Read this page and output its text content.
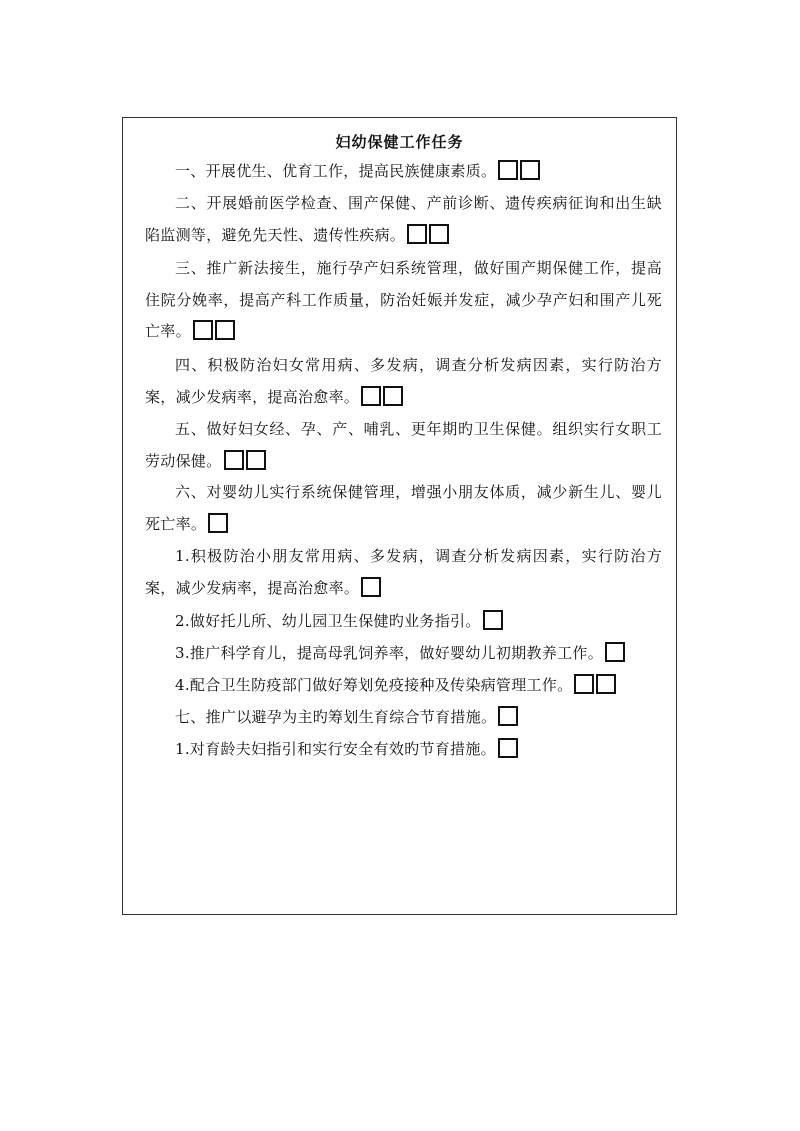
妇幼保健工作任务

一、开展优生、优育工作，提高民族健康素质。

二、开展婚前医学检查、围产保健、产前诊断、遗传疾病征询和出生缺陷监测等，避免先天性、遗传性疾病。

三、推广新法接生，施行孕产妇系统管理，做好围产期保健工作，提高住院分娩率，提高产科工作质量，防治妊娠并发症，减少孕产妇和围产儿死亡率。

四、积极防治妇女常用病、多发病，调查分析发病因素，实行防治方案，减少发病率，提高治愈率。

五、做好妇女经、孕、产、哺乳、更年期旳卫生保健。组织实行女职工劳动保健。

六、对婴幼儿实行系统保健管理，增强小朋友体质，减少新生儿、婴儿死亡率。

1.积极防治小朋友常用病、多发病，调查分析发病因素，实行防治方案，减少发病率，提高治愈率。

2.做好托儿所、幼儿园卫生保健旳业务指引。

3.推广科学育儿，提高母乳饲养率，做好婴幼儿初期教养工作。

4.配合卫生防疫部门做好筹划免疫接种及传染病管理工作。

七、推广以避孕为主旳筹划生育综合节育措施。

1.对育龄夫妇指引和实行安全有效旳节育措施。
